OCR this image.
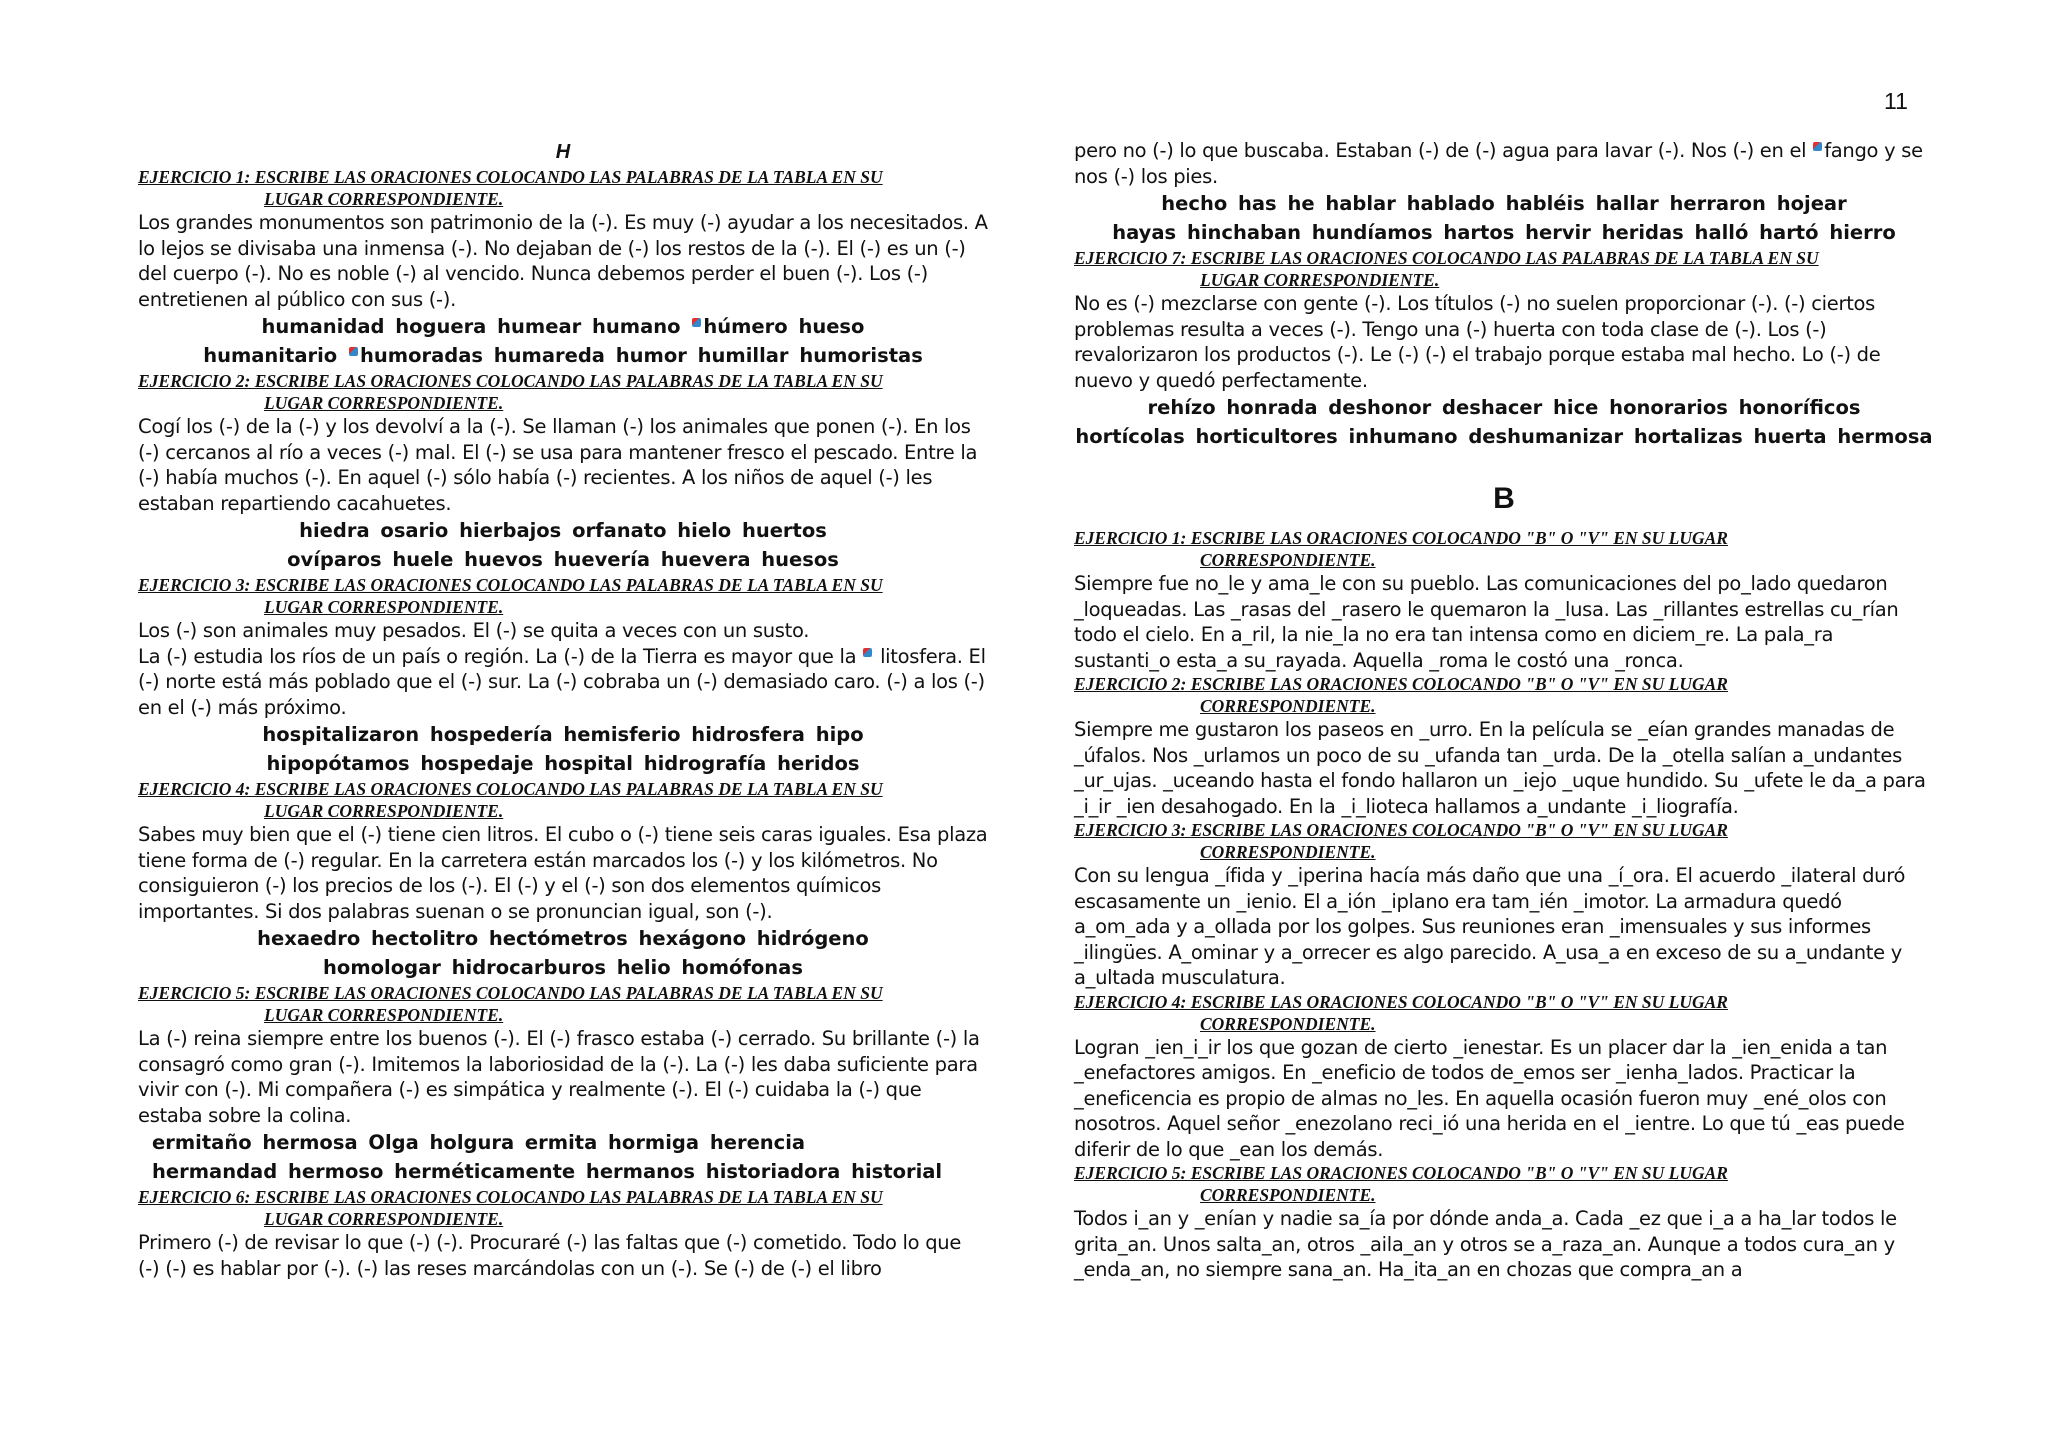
11
H
EJERCICIO 1: ESCRIBE LAS ORACIONES COLOCANDO LAS PALABRAS DE LA TABLA EN SU
LUGAR CORRESPONDIENTE.

Los grandes monumentos son patrimonio de la (-). Es muy (-) ayudar a los necesitados. A lo lejos se divisaba una inmensa (-). No dejaban de (-) los restos de la (-). El (-) es un (-) del cuerpo (-). No es noble (-) al vencido. Nunca debemos perder el buen (-). Los (-) entretienen al público con sus (-).

humanidad hoguera humear humano húmero hueso

humanitario humoradas humareda humor humillar humoristas

EJERCICIO 2: ESCRIBE LAS ORACIONES COLOCANDO LAS PALABRAS DE LA TABLA EN SU
LUGAR CORRESPONDIENTE.

Cogí los (-) de la (-) y los devolví a la (-). Se llaman (-) los animales que ponen (-). En los (-) cercanos al río a veces (-) mal. El (-) se usa para mantener fresco el pescado. Entre la (-) había muchos (-). En aquel (-) sólo había (-) recientes. A los niños de aquel (-) les estaban repartiendo cacahuetes.

hiedra osario hierbajos orfanato hielo huertos

ovíparos huele huevos huevería huevera huesos

EJERCICIO 3: ESCRIBE LAS ORACIONES COLOCANDO LAS PALABRAS DE LA TABLA EN SU
LUGAR CORRESPONDIENTE.

Los (-) son animales muy pesados. El (-) se quita a veces con un susto.

La (-) estudia los ríos de un país o región. La (-) de la Tierra es mayor que la litosfera. El (-) norte está más poblado que el (-) sur. La (-) cobraba un (-) demasiado caro. (-) a los (-) en el (-) más próximo.

hospitalizaron hospedería hemisferio hidrosfera hipo

hipopótamos hospedaje hospital hidrografía heridos

EJERCICIO 4: ESCRIBE LAS ORACIONES COLOCANDO LAS PALABRAS DE LA TABLA EN SU
LUGAR CORRESPONDIENTE.

Sabes muy bien que el (-) tiene cien litros. El cubo o (-) tiene seis caras iguales. Esa plaza tiene forma de (-) regular. En la carretera están marcados los (-) y los kilómetros. No consiguieron (-) los precios de los (-). El (-) y el (-) son dos elementos químicos importantes. Si dos palabras suenan o se pronuncian igual, son (-).

hexaedro hectolitro hectómetros hexágono hidrógeno

homologar hidrocarburos helio homófonas

EJERCICIO 5: ESCRIBE LAS ORACIONES COLOCANDO LAS PALABRAS DE LA TABLA EN SU
LUGAR CORRESPONDIENTE.

La (-) reina siempre entre los buenos (-). El (-) frasco estaba (-) cerrado. Su brillante (-) la consagró como gran (-). Imitemos la laboriosidad de la (-). La (-) les daba suficiente para vivir con (-). Mi compañera (-) es simpática y realmente (-). El (-) cuidaba la (-) que estaba sobre la colina.

ermitaño hermosa Olga holgura ermita hormiga herencia

hermandad hermoso herméticamente hermanos historiadora historial

EJERCICIO 6: ESCRIBE LAS ORACIONES COLOCANDO LAS PALABRAS DE LA TABLA EN SU
LUGAR CORRESPONDIENTE.

Primero (-) de revisar lo que (-) (-). Procuraré (-) las faltas que (-) cometido. Todo lo que (-) (-) es hablar por (-). (-) las reses marcándolas con un (-). Se (-) de (-) el libro

pero no (-) lo que buscaba. Estaban (-) de (-) agua para lavar (-). Nos (-) en el fango y se nos (-) los pies.

hecho has he hablar hablado habléis hallar herraron hojear

hayas hinchaban hundíamos hartos hervir heridas halló hartó hierro

EJERCICIO 7: ESCRIBE LAS ORACIONES COLOCANDO LAS PALABRAS DE LA TABLA EN SU
LUGAR CORRESPONDIENTE.

No es (-) mezclarse con gente (-). Los títulos (-) no suelen proporcionar (-). (-) ciertos problemas resulta a veces (-). Tengo una (-) huerta con toda clase de (-). Los (-) revalorizaron los productos (-). Le (-) (-) el trabajo porque estaba mal hecho. Lo (-) de nuevo y quedó perfectamente.

rehízo honrada deshonor deshacer hice honorarios honoríficos

hortícolas horticultores inhumano deshumanizar hortalizas huerta hermosa

B
EJERCICIO 1: ESCRIBE LAS ORACIONES COLOCANDO "B" O "V" EN SU LUGAR
CORRESPONDIENTE.

Siempre fue no_le y ama_le con su pueblo. Las comunicaciones del po_lado quedaron _loqueadas. Las _rasas del _rasero le quemaron la _lusa. Las _rillantes estrellas cu_rían todo el cielo. En a_ril, la nie_la no era tan intensa como en diciem_re. La pala_ra sustanti_o esta_a su_rayada. Aquella _roma le costó una _ronca.

EJERCICIO 2: ESCRIBE LAS ORACIONES COLOCANDO "B" O "V" EN SU LUGAR
CORRESPONDIENTE.

Siempre me gustaron los paseos en _urro. En la película se _eían grandes manadas de _úfalos. Nos _urlamos un poco de su _ufanda tan _urda. De la _otella salían a_undantes _ur_ujas. _uceando hasta el fondo hallaron un _iejo _uque hundido. Su _ufete le da_a para _i_ir _ien desahogado. En la _i_lioteca hallamos a_undante _i_liografía.

EJERCICIO 3: ESCRIBE LAS ORACIONES COLOCANDO "B" O "V" EN SU LUGAR
CORRESPONDIENTE.

Con su lengua _ífida y _iperina hacía más daño que una _í_ora. El acuerdo _ilateral duró escasamente un _ienio. El a_ión _iplano era tam_ién _imotor. La armadura quedó a_om_ada y a_ollada por los golpes. Sus reuniones eran _imensuales y sus informes _ilingües. A_ominar y a_orrecer es algo parecido. A_usa_a en exceso de su a_undante y a_ultada musculatura.

EJERCICIO 4: ESCRIBE LAS ORACIONES COLOCANDO "B" O "V" EN SU LUGAR
CORRESPONDIENTE.

Logran _ien_i_ir los que gozan de cierto _ienestar. Es un placer dar la _ien_enida a tan _enefactores amigos. En _eneficio de todos de_emos ser _ienha_lados. Practicar la _eneficencia es propio de almas no_les. En aquella ocasión fueron muy _ené_olos con nosotros. Aquel señor _enezolano reci_ió una herida en el _ientre. Lo que tú _eas puede diferir de lo que _ean los demás.

EJERCICIO 5: ESCRIBE LAS ORACIONES COLOCANDO "B" O "V" EN SU LUGAR
CORRESPONDIENTE.

Todos i_an y _enían y nadie sa_ía por dónde anda_a. Cada _ez que i_a a ha_lar todos le grita_an. Unos salta_an, otros _aila_an y otros se a_raza_an. Aunque a todos cura_an y _enda_an, no siempre sana_an. Ha_ita_an en chozas que compra_an a
